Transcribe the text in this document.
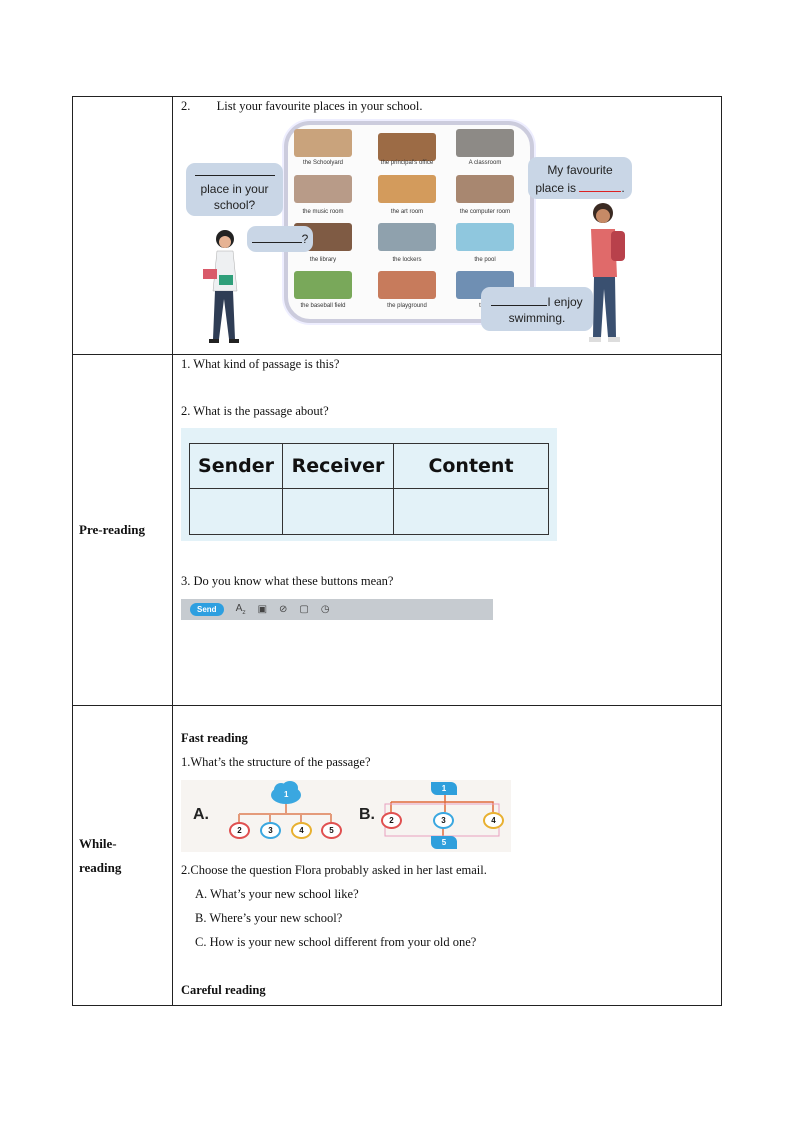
2. List your favourite places in your school.
the Schoolyard	the principal's office	A classroom
the music room	the art room	the computer room
the library	the lockers	the pool
the baseball field	the playground
place in your school?
?
My favourite
place is	.
I enjoy
swimming.

Pre-reading	
1. What kind of passage is this?
2. What is the passage about?
Sender	Receiver	Content

3. Do you know what these buttons mean?
Send	$A_z$ ▣ ⊘ ▢ ◷

While-
reading

Fast reading
1.What’s the structure of the passage?
A.
1
2	3	4	5
B.
1
2	3	4
5
2.Choose the question Flora probably asked in her last email.
A. What’s your new school like?
B. Where’s your new school?
C. How is your new school different from your old one?
Careful reading
